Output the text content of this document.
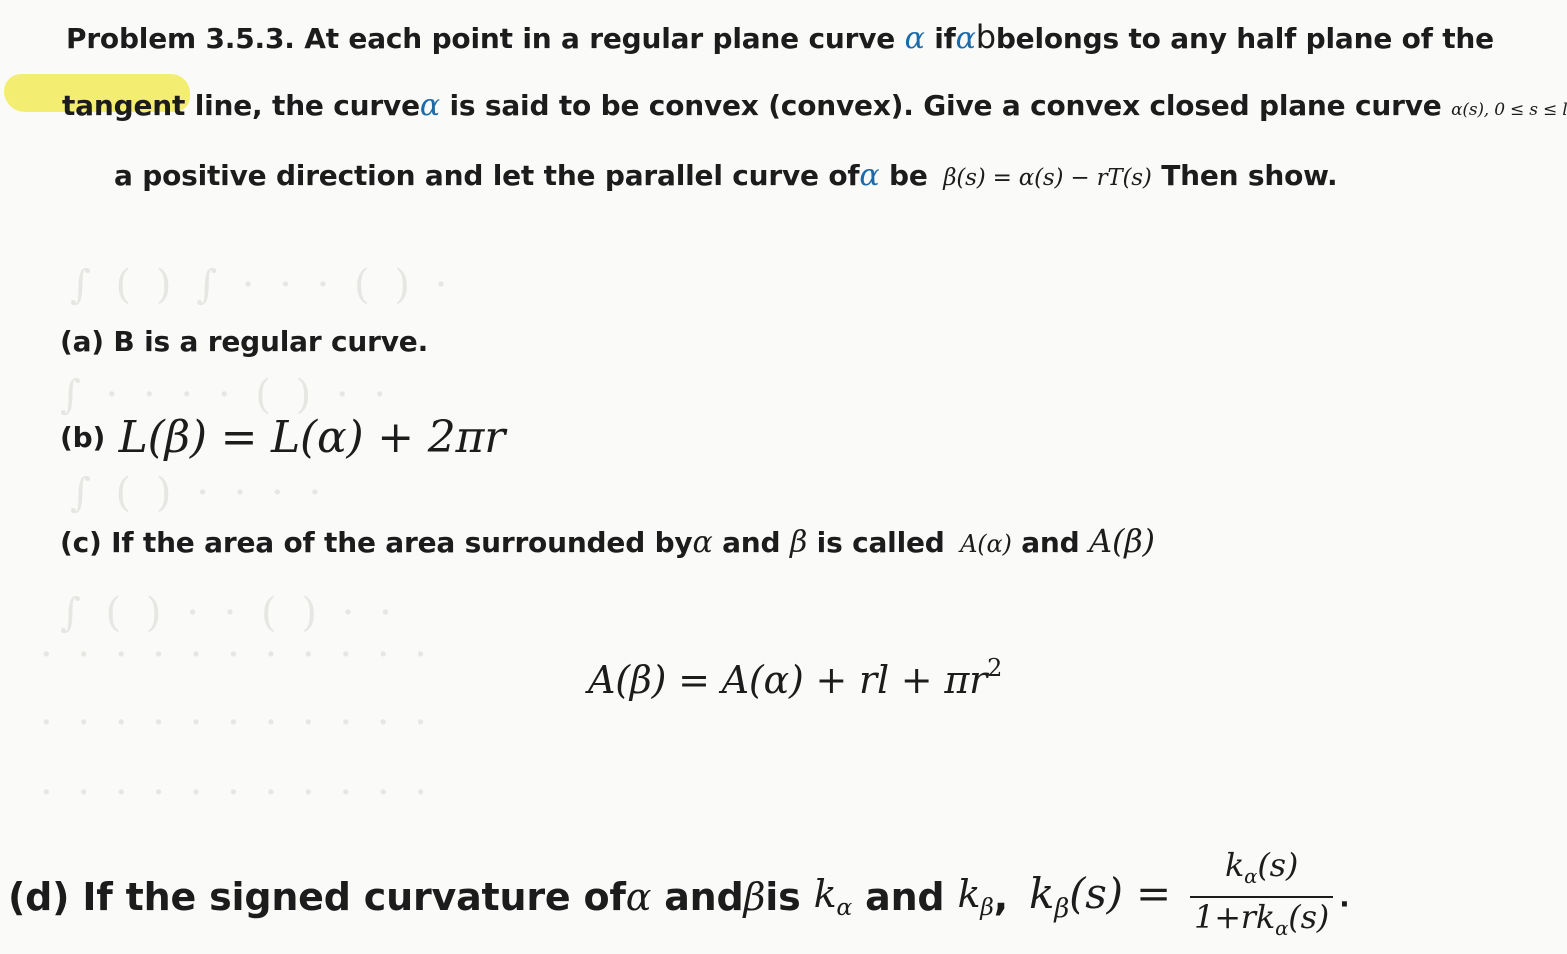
∫ ( ) ∫ · · · ( ) ·
∫ · · · · ( ) · ·
∫ ( ) · · · ·
∫ ( ) · · ( ) · ·
· · · · · · · · · · ·
· · · · · · · · · · ·
· · · · · · · · · · ·
Problem 3.5.3. At each point in a regular plane curve α ifαbbelongs to any half plane of the
tangent line, the curveα is said to be convex (convex). Give a convex closed plane curve α(s), 0 ≤ s ≤ l
a positive direction and let the parallel curve ofα be β(s) = α(s) − rT(s) Then show.
(a) B is a regular curve.
(b) L(β) = L(α) + 2πr
(c) If the area of the area surrounded byα and β is called A(α) and A(β)
A(β) = A(α) + rl + πr2
(d) If the signed curvature ofα andβis $k_\alpha$ and $k_\beta$, $k_\beta(s) = \frac{k_\alpha(s)}{1+rk_\alpha(s)}$ .
